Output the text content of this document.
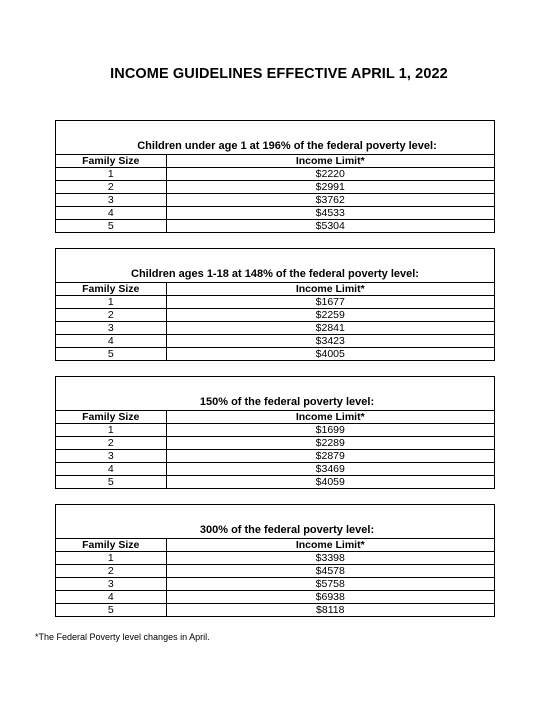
INCOME GUIDELINES EFFECTIVE APRIL 1, 2022
Children under age 1 at 196% of the federal poverty level:
Family Size	Income Limit*
1	$2220
2	$2991
3	$3762
4	$4533
5	$5304
Children ages 1-18 at 148% of the federal poverty level:
Family Size	Income Limit*
1	$1677
2	$2259
3	$2841
4	$3423
5	$4005
150% of the federal poverty level:
Family Size	Income Limit*
1	$1699
2	$2289
3	$2879
4	$3469
5	$4059
300% of the federal poverty level:
Family Size	Income Limit*
1	$3398
2	$4578
3	$5758
4	$6938
5	$8118
*The Federal Poverty level changes in April.
